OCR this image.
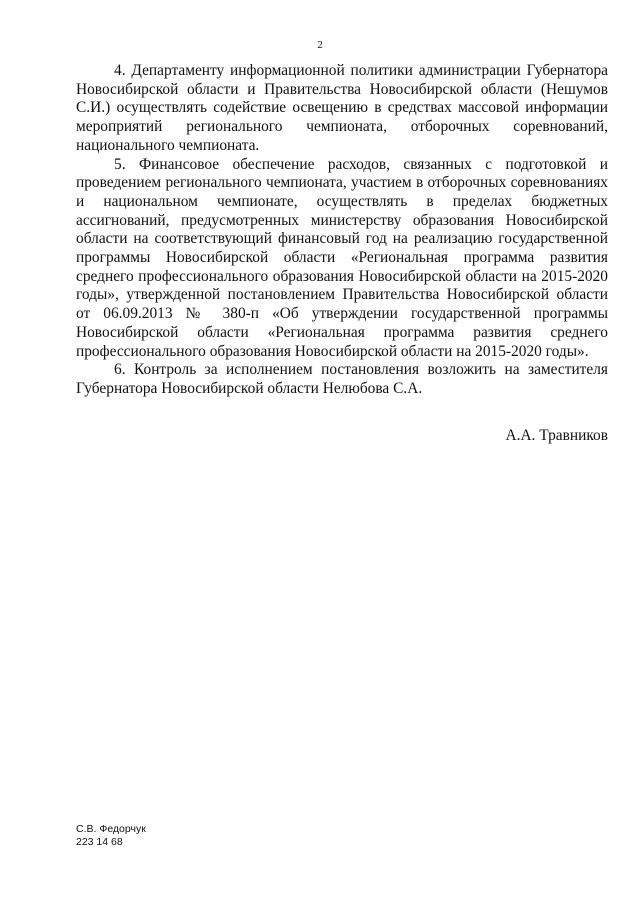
2

4. Департаменту информационной политики администрации Губернатора Новосибирской области и Правительства Новосибирской области (Нешумов С.И.) осуществлять содействие освещению в средствах массовой информации мероприятий регионального чемпионата, отборочных соревнований, национального чемпионата.

5. Финансовое обеспечение расходов, связанных с подготовкой и проведением регионального чемпионата, участием в отборочных соревнованиях и национальном чемпионате, осуществлять в пределах бюджетных ассигнований, предусмотренных министерству образования Новосибирской области на соответствующий финансовый год на реализацию государственной программы Новосибирской области «Региональная программа развития среднего профессионального образования Новосибирской области на 2015-2020 годы», утвержденной постановлением Правительства Новосибирской области от 06.09.2013 № 380-п «Об утверждении государственной программы Новосибирской области «Региональная программа развития среднего профессионального образования Новосибирской области на 2015-2020 годы».

6. Контроль за исполнением постановления возложить на заместителя Губернатора Новосибирской области Нелюбова С.А.

А.А. Травников
С.В. Федорчук
223 14 68
